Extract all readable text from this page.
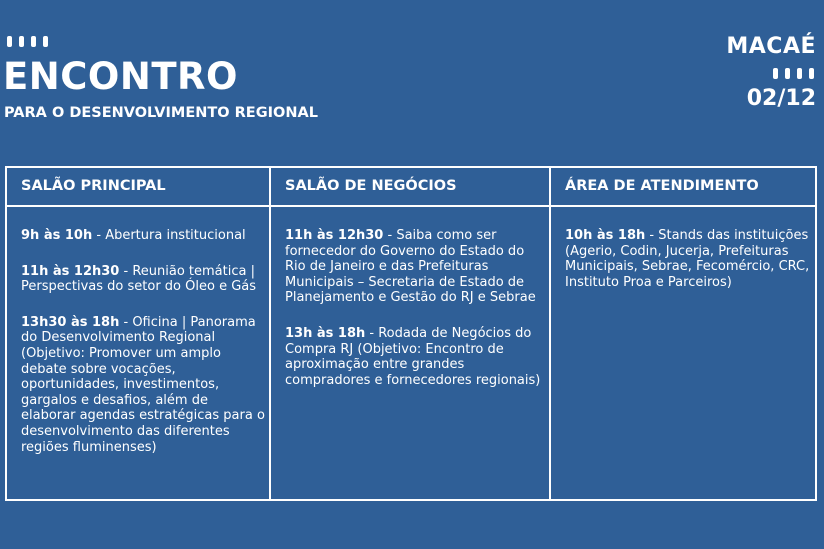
ENCONTRO
PARA O DESENVOLVIMENTO REGIONAL
MACAÉ
02/12
SALÃO PRINCIPAL	SALÃO DE NEGÓCIOS	ÁREA DE ATENDIMENTO

9h às 10h - Abertura institucional

11h às 12h30 - Reunião temática | Perspectivas do setor do Óleo e Gás

13h30 às 18h - Oficina | Panorama do Desenvolvimento Regional (Objetivo: Promover um amplo debate sobre vocações, oportunidades, investimentos, gargalos e desafios, além de elaborar agendas estratégicas para o desenvolvimento das diferentes regiões fluminenses)

11h às 12h30 - Saiba como ser fornecedor do Governo do Estado do Rio de Janeiro e das Prefeituras Municipais – Secretaria de Estado de Planejamento e Gestão do RJ e Sebrae

13h às 18h - Rodada de Negócios do Compra RJ (Objetivo: Encontro de aproximação entre grandes compradores e fornecedores regionais)

10h às 18h - Stands das instituições (Agerio, Codin, Jucerja, Prefeituras Municipais, Sebrae, Fecomércio, CRC, Instituto Proa e Parceiros)
